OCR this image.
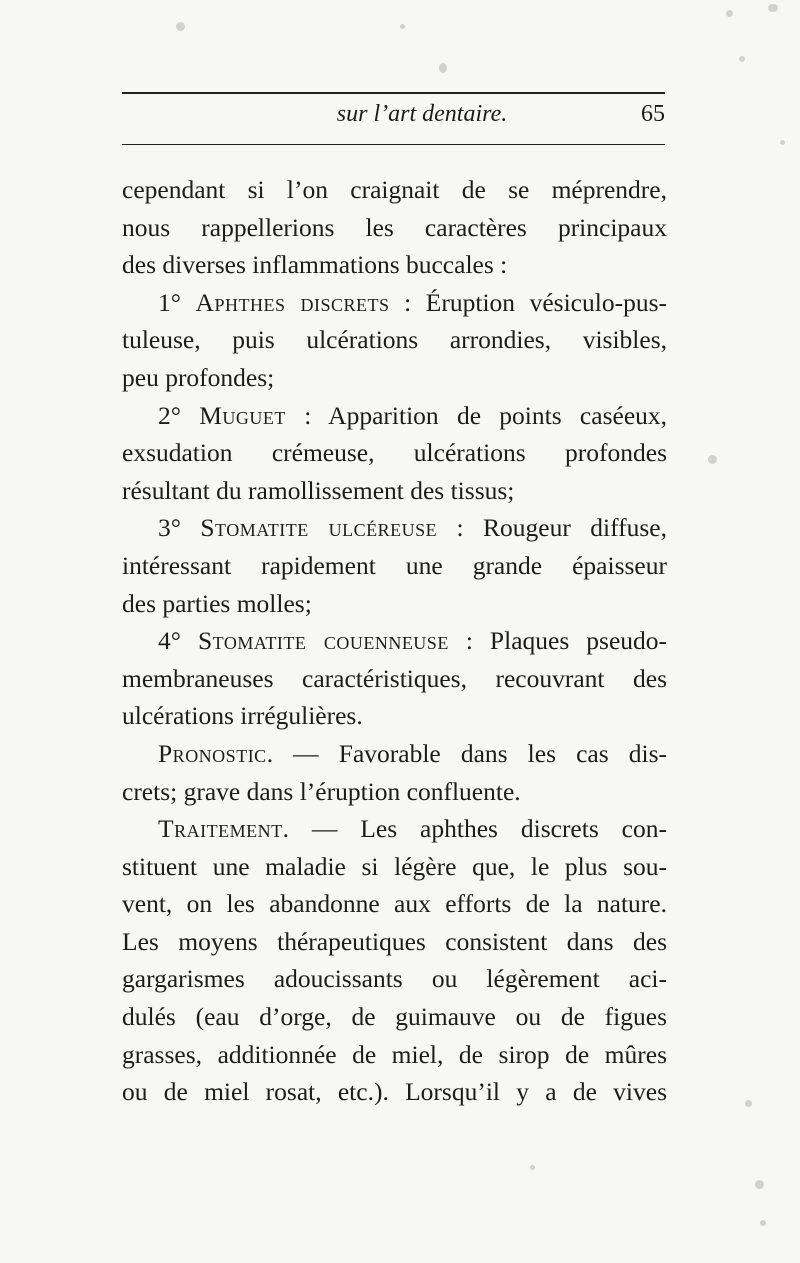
sur l’art dentaire.	65
cependant si l’on craignait de se méprendre,
nous rappellerions les caractères principaux
des diverses inflammations buccales :
1° Aphthes discrets : Éruption vésiculo-pus-
tuleuse, puis ulcérations arrondies, visibles,
peu profondes;
2° Muguet : Apparition de points caséeux,
exsudation crémeuse, ulcérations profondes
résultant du ramollissement des tissus;
3° Stomatite ulcéreuse : Rougeur diffuse,
intéressant rapidement une grande épaisseur
des parties molles;
4° Stomatite couenneuse : Plaques pseudo-
membraneuses caractéristiques, recouvrant des
ulcérations irrégulières.
Pronostic. — Favorable dans les cas dis-
crets; grave dans l’éruption confluente.
Traitement. — Les aphthes discrets con-
stituent une maladie si légère que, le plus sou-
vent, on les abandonne aux efforts de la nature.
Les moyens thérapeutiques consistent dans des
gargarismes adoucissants ou légèrement aci-
dulés (eau d’orge, de guimauve ou de figues
grasses, additionnée de miel, de sirop de mûres
ou de miel rosat, etc.). Lorsqu’il y a de vives
